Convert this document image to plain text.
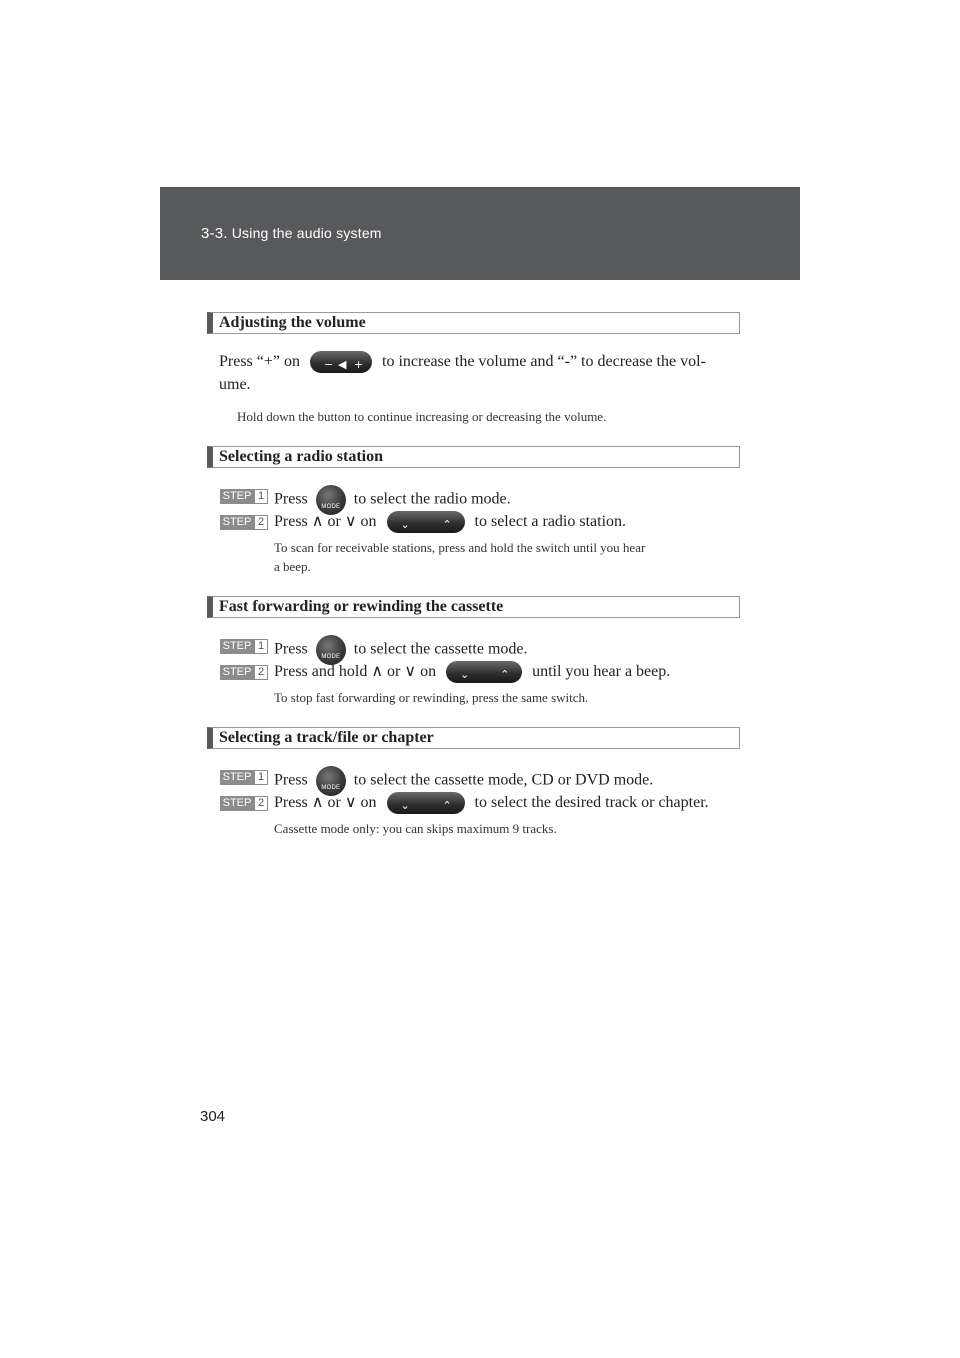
3-3. Using the audio system
Adjusting the volume
Press “+” on − ◀ + to increase the volume and “-” to decrease the vol-
ume.
Hold down the button to continue increasing or decreasing the volume.
Selecting a radio station
STEP 1 Press	MODE to select the radio mode.
STEP 2 Press ∧ or ∨ on ⌄	⌃ to select a radio station.
To scan for receivable stations, press and hold the switch until you hear
a beep.
Fast forwarding or rewinding the cassette
STEP 1 Press	MODE to select the cassette mode.
STEP 2 Press and hold ∧ or ∨ on ⌄	⌃ until you hear a beep.
To stop fast forwarding or rewinding, press the same switch.
Selecting a track/file or chapter
STEP 1 Press	MODE to select the cassette mode, CD or DVD mode.
STEP 2 Press ∧ or ∨ on ⌄	⌃ to select the desired track or chapter.
Cassette mode only: you can skips maximum 9 tracks.
304
